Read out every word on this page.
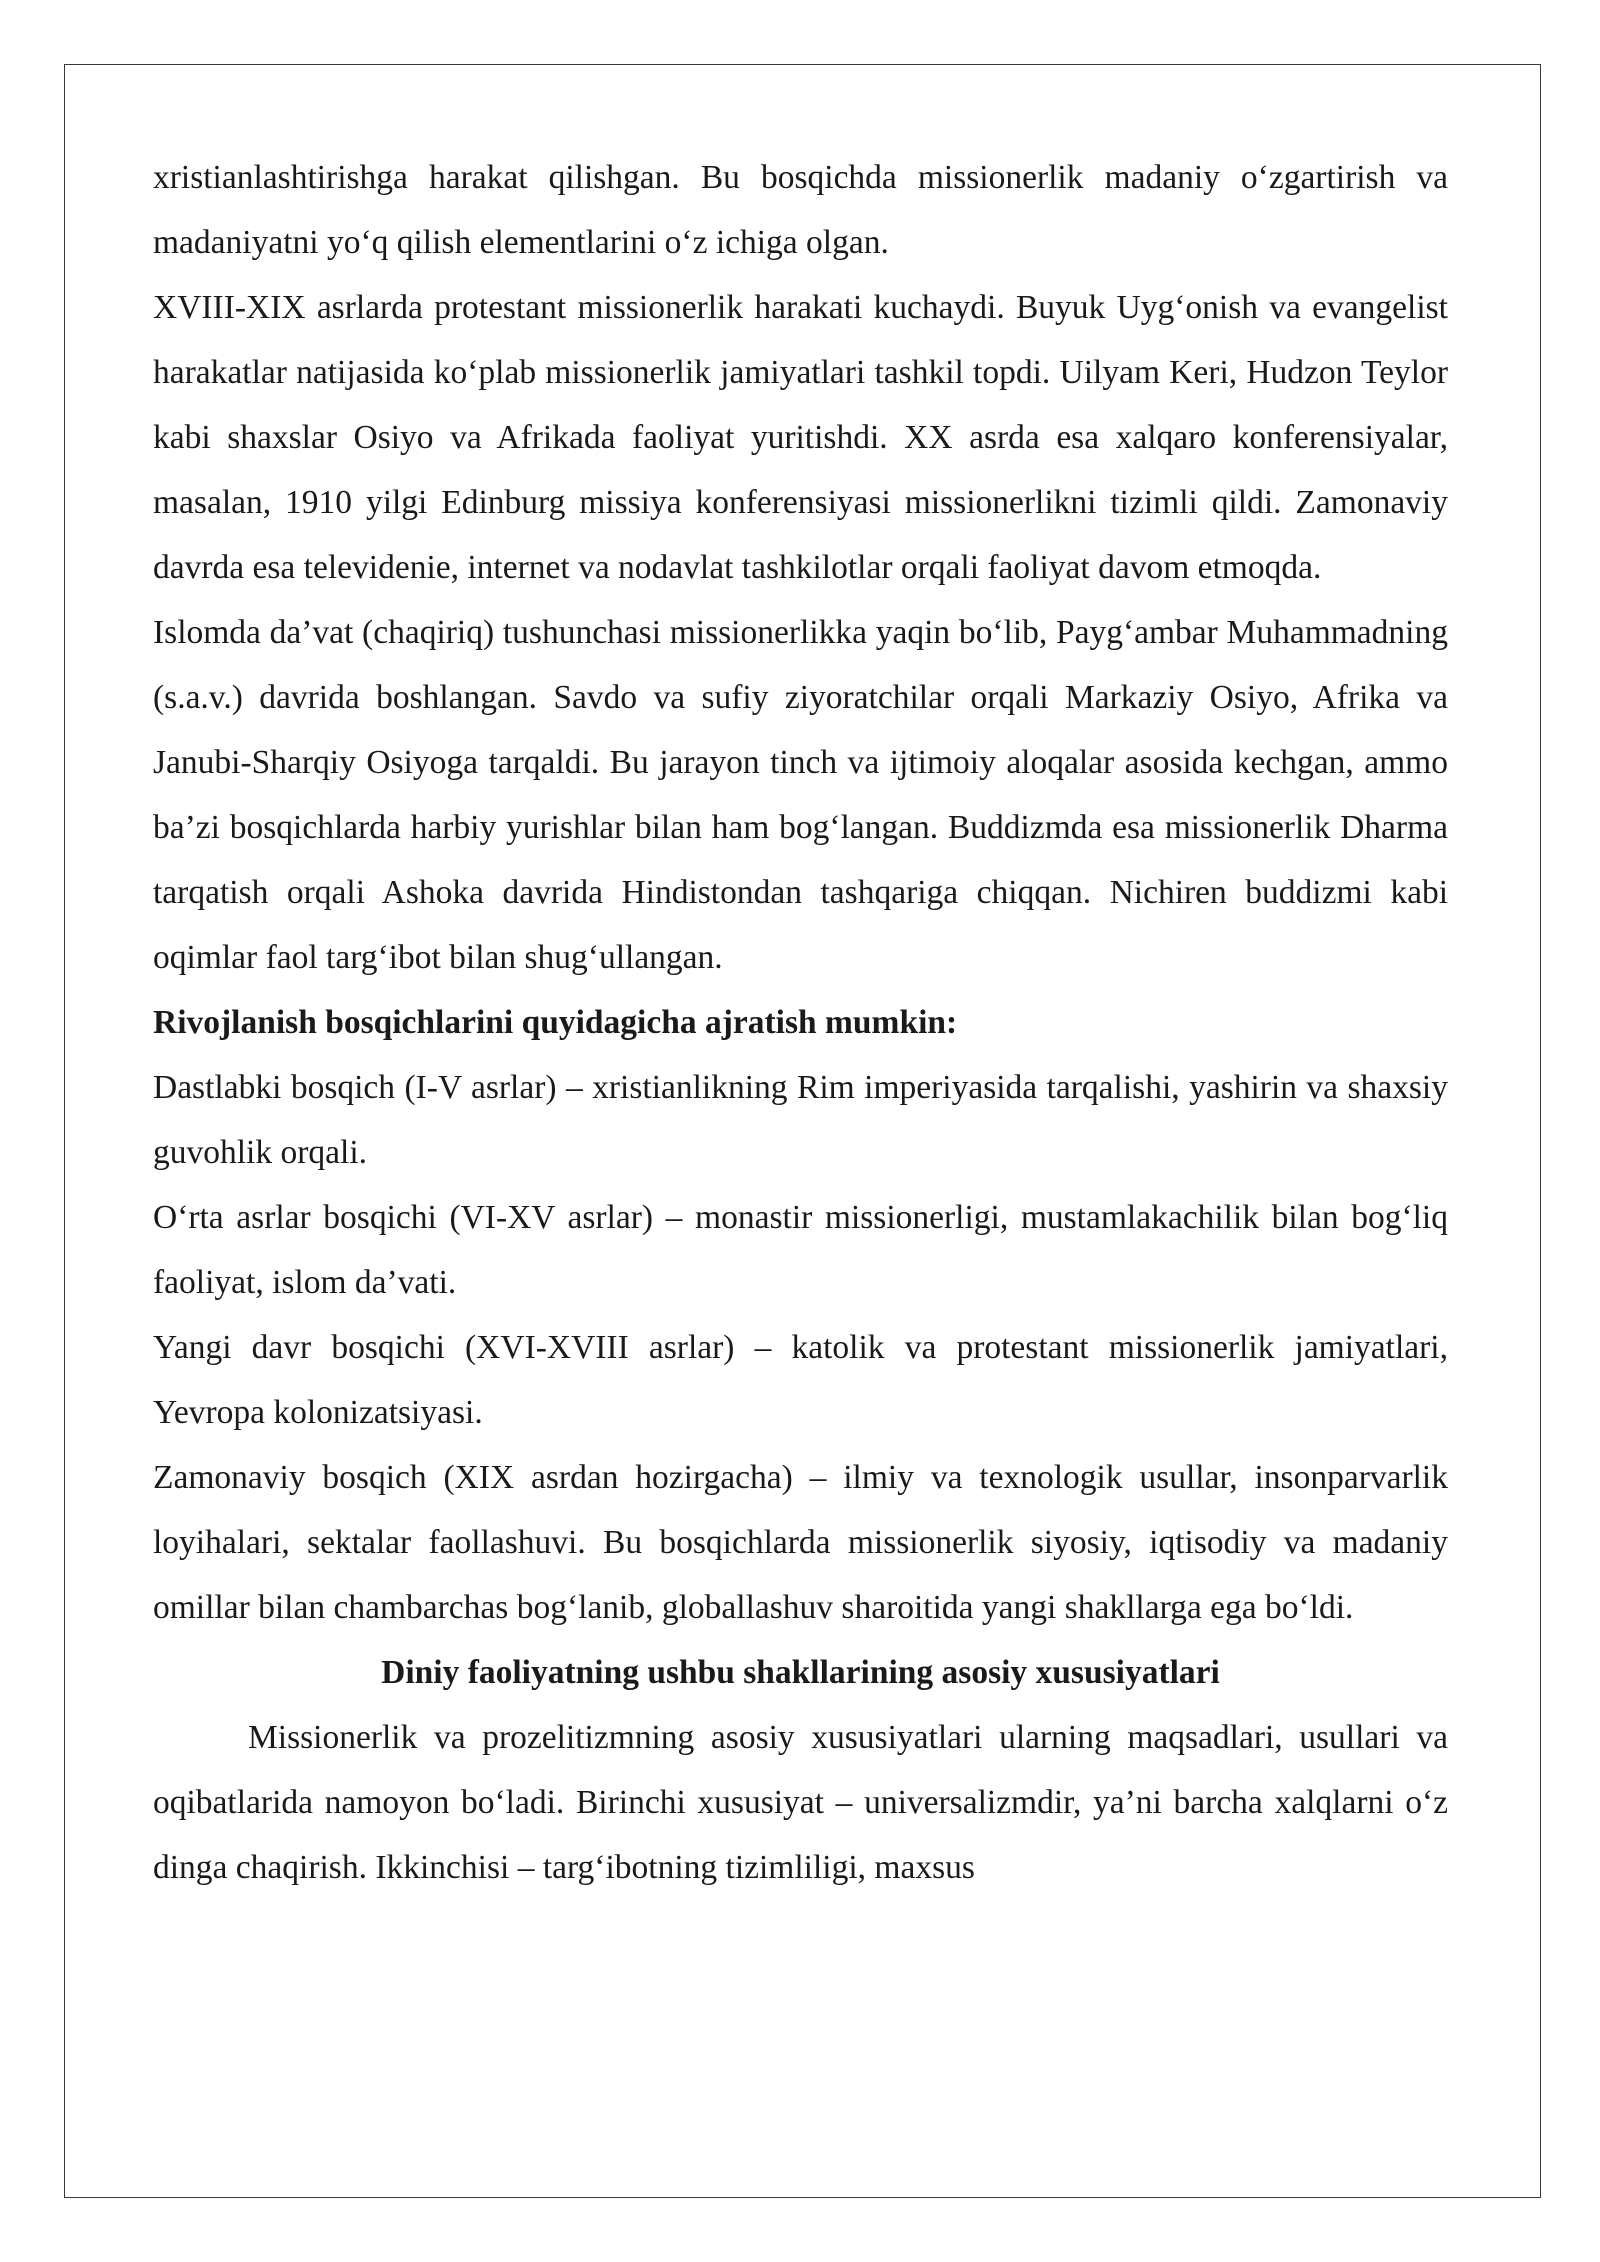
xristianlashtirishga harakat qilishgan. Bu bosqichda missionerlik madaniy o‘zgartirish va madaniyatni yo‘q qilish elementlarini o‘z ichiga olgan.

XVIII-XIX asrlarda protestant missionerlik harakati kuchaydi. Buyuk Uyg‘onish va evangelist harakatlar natijasida ko‘plab missionerlik jamiyatlari tashkil topdi. Uilyam Keri, Hudzon Teylor kabi shaxslar Osiyo va Afrikada faoliyat yuritishdi. XX asrda esa xalqaro konferensiyalar, masalan, 1910 yilgi Edinburg missiya konferensiyasi missionerlikni tizimli qildi. Zamonaviy davrda esa televidenie, internet va nodavlat tashkilotlar orqali faoliyat davom etmoqda.

Islomda da’vat (chaqiriq) tushunchasi missionerlikka yaqin bo‘lib, Payg‘ambar Muhammadning (s.a.v.) davrida boshlangan. Savdo va sufiy ziyoratchilar orqali Markaziy Osiyo, Afrika va Janubi-Sharqiy Osiyoga tarqaldi. Bu jarayon tinch va ijtimoiy aloqalar asosida kechgan, ammo ba’zi bosqichlarda harbiy yurishlar bilan ham bog‘langan. Buddizmda esa missionerlik Dharma tarqatish orqali Ashoka davrida Hindistondan tashqariga chiqqan. Nichiren buddizmi kabi oqimlar faol targ‘ibot bilan shug‘ullangan.

Rivojlanish bosqichlarini quyidagicha ajratish mumkin:

Dastlabki bosqich (I-V asrlar) – xristianlikning Rim imperiyasida tarqalishi, yashirin va shaxsiy guvohlik orqali.

O‘rta asrlar bosqichi (VI-XV asrlar) – monastir missionerligi, mustamlakachilik bilan bog‘liq faoliyat, islom da’vati.

Yangi davr bosqichi (XVI-XVIII asrlar) – katolik va protestant missionerlik jamiyatlari, Yevropa kolonizatsiyasi.

Zamonaviy bosqich (XIX asrdan hozirgacha) – ilmiy va texnologik usullar, insonparvarlik loyihalari, sektalar faollashuvi. Bu bosqichlarda missionerlik siyosiy, iqtisodiy va madaniy omillar bilan chambarchas bog‘lanib, globallashuv sharoitida yangi shakllarga ega bo‘ldi.

Diniy faoliyatning ushbu shakllarining asosiy xususiyatlari

Missionerlik va prozelitizmning asosiy xususiyatlari ularning maqsadlari, usullari va oqibatlarida namoyon bo‘ladi. Birinchi xususiyat – universalizmdir, ya’ni barcha xalqlarni o‘z dinga chaqirish. Ikkinchisi – targ‘ibotning tizimliligi, maxsus
